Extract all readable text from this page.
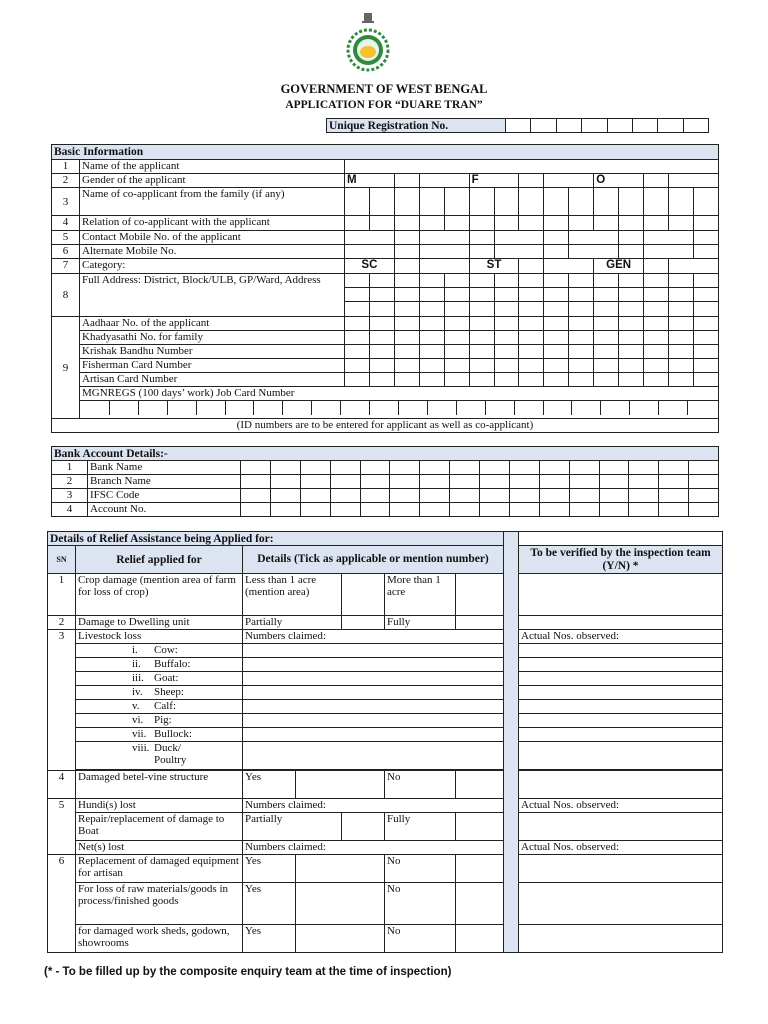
GOVERNMENT OF WEST BENGAL
APPLICATION FOR “DUARE TRAN”
Unique Registration No.								
Basic Information																
1	Name of the applicant															
2	Gender of the applicant	M					F					O				
3	Name of co-applicant from the family (if any)															
4	Relation of co-applicant with the applicant															
5	Contact Mobile No. of the applicant															
6	Alternate Mobile No.															
7	Category:	SC					ST					GEN				
8	Full Address: District, Block/ULB, GP/Ward, Address															

9	Aadhaar No. of the applicant															
	Khadyasathi No. for family															
	Krishak Bandhu Number															
	Fisherman Card Number															
	Artisan Card Number															
	MGNREGS (100 days’ work) Job Card Number															

(ID numbers are to be entered for applicant as well as co-applicant)																
Bank Account Details:-																	
1	Bank Name																
2	Branch Name																
3	IFSC Code																
4	Account No.																
Details of Relief Assistance being Applied for:								
SN	Relief applied for	Details (Tick as applicable or mention number)						To be verified by the inspection team (Y/N) *
1	Crop damage (mention area of farm for loss of crop)	Less than 1 acre (mention area)			More than 1 acre			
2	Damage to Dwelling unit	Partially			Fully			
3	Livestock loss	Numbers claimed:						Actual Nos. observed:
	i. Cow:							
	ii. Buffalo:							
	iii. Goat:							
	iv. Sheep:							
	v. Calf:							
	vi. Pig:							
	vii. Bullock:							
	viii. Duck/ Poultry							

4	Damaged betel-vine structure	Yes			No			
5	Hundi(s) lost	Numbers claimed:						Actual Nos. observed:
	Repair/replacement of damage to Boat	Partially			Fully			
	Net(s) lost	Numbers claimed:						Actual Nos. observed:
6	Replacement of damaged equipment for artisan	Yes			No			
	For loss of raw materials/goods in process/finished goods	Yes			No			
	for damaged work sheds, godown, showrooms	Yes			No			
(* - To be filled up by the composite enquiry team at the time of inspection)
